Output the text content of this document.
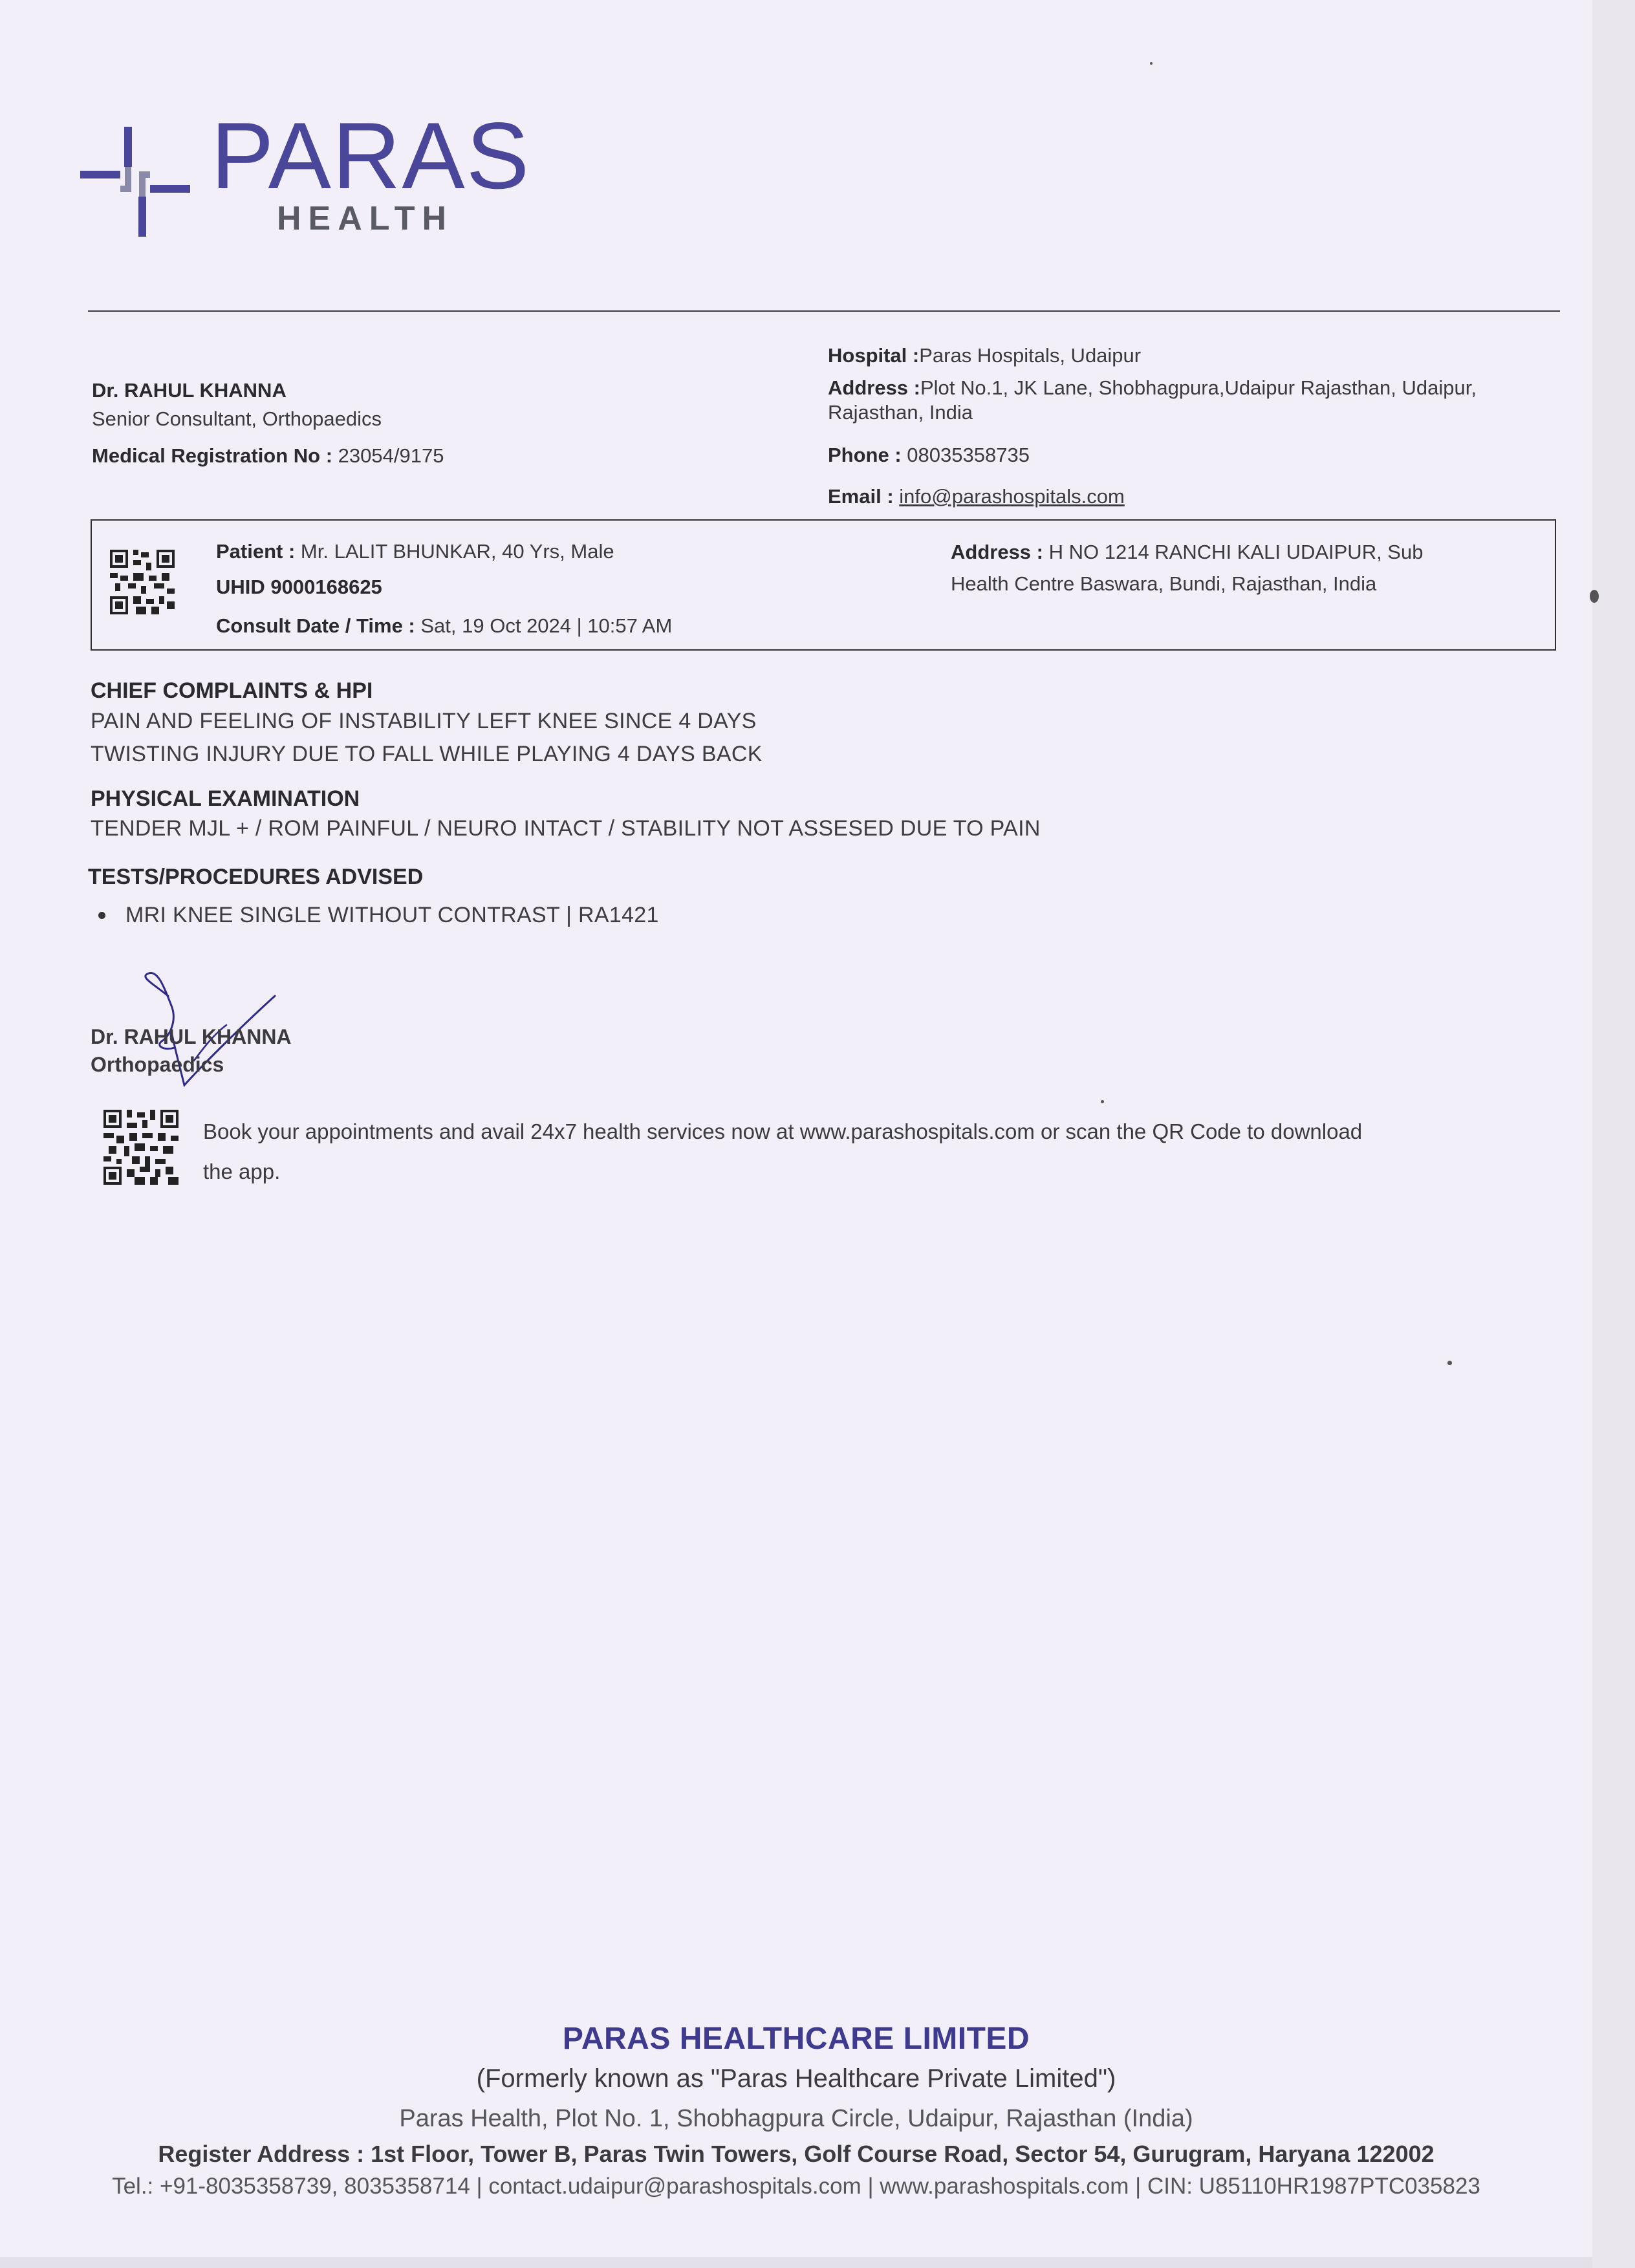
PARAS
HEALTH
Dr. RAHUL KHANNA
Senior Consultant, Orthopaedics
Medical Registration No : 23054/9175
Hospital :Paras Hospitals, Udaipur
Address :Plot No.1, JK Lane, Shobhagpura,Udaipur Rajasthan, Udaipur,
Rajasthan, India
Phone : 08035358735
Email : info@parashospitals.com
Patient : Mr. LALIT BHUNKAR, 40 Yrs, Male
UHID 9000168625
Consult Date / Time : Sat, 19 Oct 2024 | 10:57 AM
Address : H NO 1214 RANCHI KALI UDAIPUR, Sub
Health Centre Baswara, Bundi, Rajasthan, India
CHIEF COMPLAINTS & HPI
PAIN AND FEELING OF INSTABILITY LEFT KNEE SINCE 4 DAYS
TWISTING INJURY DUE TO FALL WHILE PLAYING 4 DAYS BACK
PHYSICAL EXAMINATION
TENDER MJL + / ROM PAINFUL / NEURO INTACT / STABILITY NOT ASSESED DUE TO PAIN
TESTS/PROCEDURES ADVISED
MRI KNEE SINGLE WITHOUT CONTRAST | RA1421
Dr. RAHUL KHANNA
Orthopaedics
Book your appointments and avail 24x7 health services now at www.parashospitals.com or scan the QR Code to download
the app.
PARAS HEALTHCARE LIMITED
(Formerly known as "Paras Healthcare Private Limited")
Paras Health, Plot No. 1, Shobhagpura Circle, Udaipur, Rajasthan (India)
Register Address : 1st Floor, Tower B, Paras Twin Towers, Golf Course Road, Sector 54, Gurugram, Haryana 122002
Tel.: +91-8035358739, 8035358714 | contact.udaipur@parashospitals.com | www.parashospitals.com | CIN: U85110HR1987PTC035823
